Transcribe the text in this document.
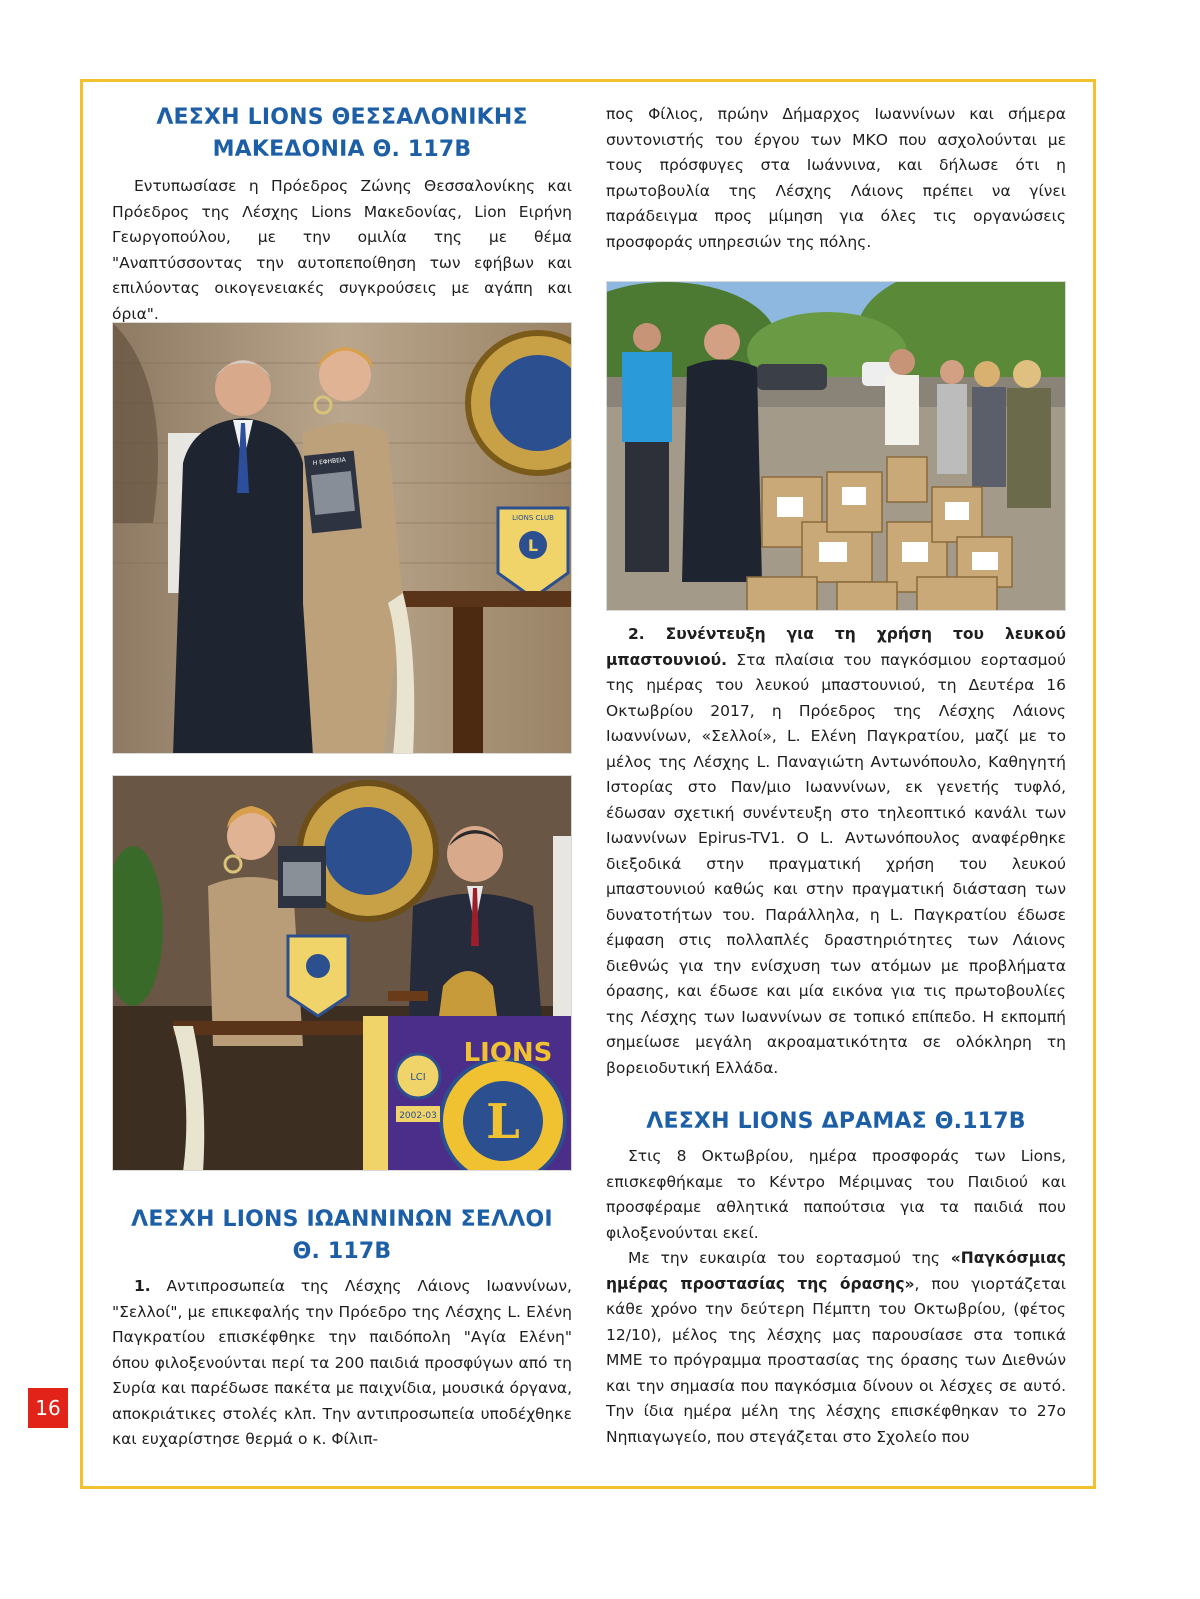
ΛΕΣΧΗ LIONS ΘΕΣΣΑΛΟΝΙΚΗΣ
ΜΑΚΕΔΟΝΙΑ Θ. 117Β

Εντυπωσίασε η Πρόεδρος Ζώνης Θεσσαλονίκης και Πρόεδρος της Λέσχης Lions Μακεδονίας, Lion Ειρήνη Γεωργοπούλου, με την ομιλία της με θέμα "Αναπτύσσοντας την αυτοπεποίθηση των εφήβων και επιλύοντας οικογενειακές συγκρούσεις με αγάπη και όρια".

Η ΕΦΗΒΕΙΑ
LIONS CLUB
L
L
LIONS
LCI
2002-03
ΛΕΣΧΗ LIONS ΙΩΑΝΝΙΝΩΝ ΣΕΛΛΟΙ
Θ. 117Β

1. Αντιπροσωπεία της Λέσχης Λάιονς Ιωαννίνων, "Σελλοί", με επικεφαλής την Πρόεδρο της Λέσχης L. Ελένη Παγκρατίου επισκέφθηκε την παιδόπολη "Αγία Ελένη" όπου φιλοξενούνται περί τα 200 παιδιά προσφύγων από τη Συρία και παρέδωσε πακέτα με παιχνίδια, μουσικά όργανα, αποκριάτικες στολές κλπ. Την αντιπροσωπεία υποδέχθηκε και ευχαρίστησε θερμά ο κ. Φίλιπ-

πος Φίλιος, πρώην Δήμαρχος Ιωαννίνων και σήμερα συντονιστής του έργου των ΜΚΟ που ασχολούνται με τους πρόσφυγες στα Ιωάννινα, και δήλωσε ότι η πρωτοβουλία της Λέσχης Λάιονς πρέπει να γίνει παράδειγμα προς μίμηση για όλες τις οργανώσεις προσφοράς υπηρεσιών της πόλης.

2. Συνέντευξη για τη χρήση του λευκού μπαστουνιού. Στα πλαίσια του παγκόσμιου εορτασμού της ημέρας του λευκού μπαστουνιού, τη Δευτέρα 16 Οκτωβρίου 2017, η Πρόεδρος της Λέσχης Λάιονς Ιωαννίνων, «Σελλοί», L. Ελένη Παγκρατίου, μαζί με το μέλος της Λέσχης L. Παναγιώτη Αντωνόπουλο, Καθηγητή Ιστορίας στο Παν/μιο Ιωαννίνων, εκ γενετής τυφλό, έδωσαν σχετική συνέντευξη στο τηλεοπτικό κανάλι των Ιωαννίνων Epirus-TV1. Ο L. Αντωνόπουλος αναφέρθηκε διεξοδικά στην πραγματική χρήση του λευκού μπαστουνιού καθώς και στην πραγματική διάσταση των δυνατοτήτων του. Παράλληλα, η L. Παγκρατίου έδωσε έμφαση στις πολλαπλές δραστηριότητες των Λάιονς διεθνώς για την ενίσχυση των ατόμων με προβλήματα όρασης, και έδωσε και μία εικόνα για τις πρωτοβουλίες της Λέσχης των Ιωαννίνων σε τοπικό επίπεδο. Η εκπομπή σημείωσε μεγάλη ακροαματικότητα σε ολόκληρη τη βορειοδυτική Ελλάδα.

ΛΕΣΧΗ LIONS ΔΡΑΜΑΣ Θ.117Β

Στις 8 Οκτωβρίου, ημέρα προσφοράς των Lions, επισκεφθήκαμε το Κέντρο Μέριμνας του Παιδιού και προσφέραμε αθλητικά παπούτσια για τα παιδιά που φιλοξενούνται εκεί.

Με την ευκαιρία του εορτασμού της «Παγκόσμιας ημέρας προστασίας της όρασης», που γιορτάζεται κάθε χρόνο την δεύτερη Πέμπτη του Οκτωβρίου, (φέτος 12/10), μέλος της λέσχης μας παρουσίασε στα τοπικά ΜΜΕ το πρόγραμμα προστασίας της όρασης των Διεθνών και την σημασία που παγκόσμια δίνουν οι λέσχες σε αυτό. Την ίδια ημέρα μέλη της λέσχης επισκέφθηκαν το 27ο Νηπιαγωγείο, που στεγάζεται στο Σχολείο που

16
